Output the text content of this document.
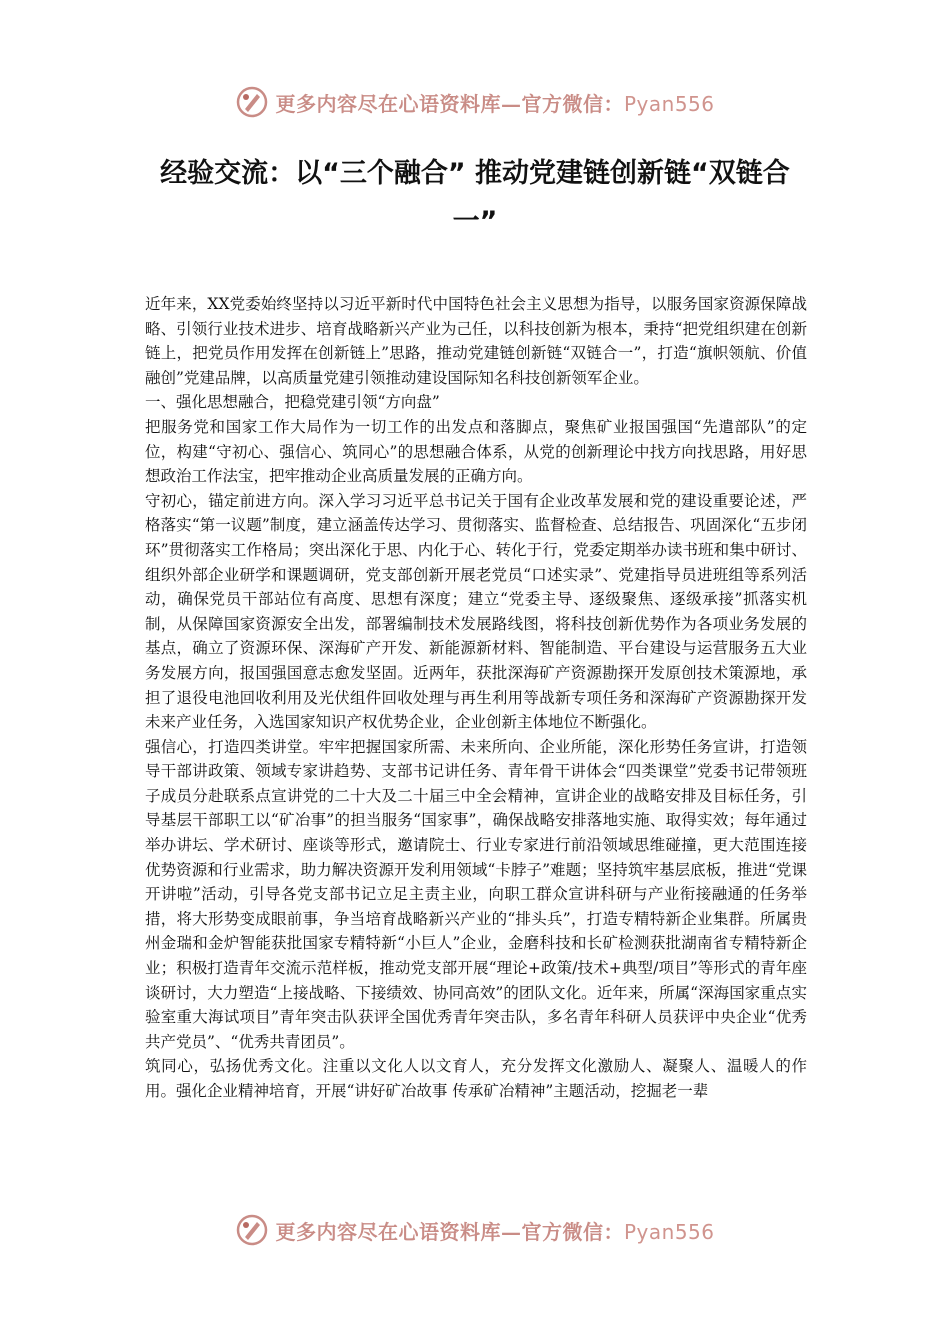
更多内容尽在心语资料库—官方微信：Pyan556
经验交流：以“三个融合” 推动党建链创新链“双链合一”

近年来，XX党委始终坚持以习近平新时代中国特色社会主义思想为指导，以服务国家资源保障战略、引领行业技术进步、培育战略新兴产业为己任，以科技创新为根本，秉持“把党组织建在创新链上，把党员作用发挥在创新链上”思路，推动党建链创新链“双链合一”，打造“旗帜领航、价值融创”党建品牌，以高质量党建引领推动建设国际知名科技创新领军企业。

一、强化思想融合，把稳党建引领“方向盘”

把服务党和国家工作大局作为一切工作的出发点和落脚点，聚焦矿业报国强国“先遣部队”的定位，构建“守初心、强信心、筑同心”的思想融合体系，从党的创新理论中找方向找思路，用好思想政治工作法宝，把牢推动企业高质量发展的正确方向。

守初心，锚定前进方向。深入学习习近平总书记关于国有企业改革发展和党的建设重要论述，严格落实“第一议题”制度，建立涵盖传达学习、贯彻落实、监督检查、总结报告、巩固深化“五步闭环”贯彻落实工作格局；突出深化于思、内化于心、转化于行，党委定期举办读书班和集中研讨、组织外部企业研学和课题调研，党支部创新开展老党员“口述实录”、党建指导员进班组等系列活动，确保党员干部站位有高度、思想有深度；建立“党委主导、逐级聚焦、逐级承接”抓落实机制，从保障国家资源安全出发，部署编制技术发展路线图，将科技创新优势作为各项业务发展的基点，确立了资源环保、深海矿产开发、新能源新材料、智能制造、平台建设与运营服务五大业务发展方向，报国强国意志愈发坚固。近两年，获批深海矿产资源勘探开发原创技术策源地，承担了退役电池回收利用及光伏组件回收处理与再生利用等战新专项任务和深海矿产资源勘探开发未来产业任务，入选国家知识产权优势企业，企业创新主体地位不断强化。

强信心，打造四类讲堂。牢牢把握国家所需、未来所向、企业所能，深化形势任务宣讲，打造领导干部讲政策、领域专家讲趋势、支部书记讲任务、青年骨干讲体会“四类课堂”党委书记带领班子成员分赴联系点宣讲党的二十大及二十届三中全会精神，宣讲企业的战略安排及目标任务，引导基层干部职工以“矿冶事”的担当服务“国家事”，确保战略安排落地实施、取得实效；每年通过举办讲坛、学术研讨、座谈等形式，邀请院士、行业专家进行前沿领域思维碰撞，更大范围连接优势资源和行业需求，助力解决资源开发利用领域“卡脖子”难题；坚持筑牢基层底板，推进“党课开讲啦”活动，引导各党支部书记立足主责主业，向职工群众宣讲科研与产业衔接融通的任务举措，将大形势变成眼前事，争当培育战略新兴产业的“排头兵”，打造专精特新企业集群。所属贵州金瑞和金炉智能获批国家专精特新“小巨人”企业，金磨科技和长矿检测获批湖南省专精特新企业；积极打造青年交流示范样板，推动党支部开展“理论+政策/技术+典型/项目”等形式的青年座谈研讨，大力塑造“上接战略、下接绩效、协同高效”的团队文化。近年来，所属“深海国家重点实验室重大海试项目”青年突击队获评全国优秀青年突击队，多名青年科研人员获评中央企业“优秀共产党员”、“优秀共青团员”。

筑同心，弘扬优秀文化。注重以文化人以文育人，充分发挥文化激励人、凝聚人、温暖人的作用。强化企业精神培育，开展“讲好矿冶故事 传承矿冶精神”主题活动，挖掘老一辈

更多内容尽在心语资料库—官方微信：Pyan556
